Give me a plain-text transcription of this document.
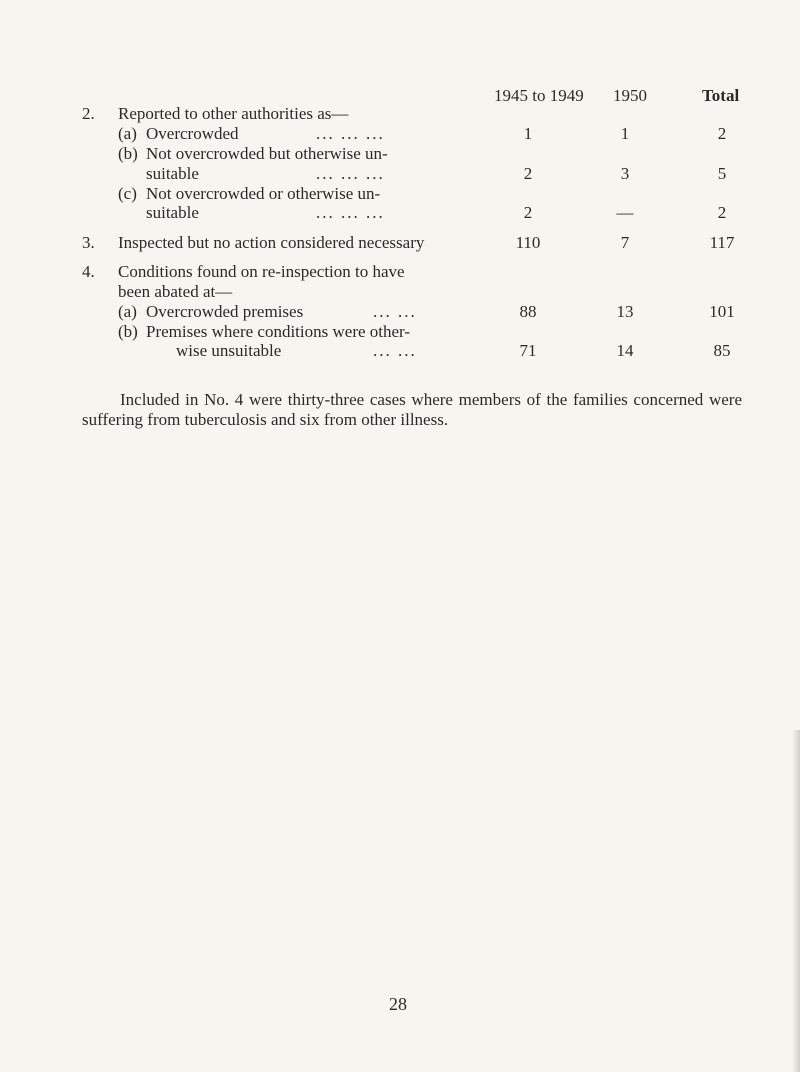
1945 to 1949 1950	Total
2. Reported to other authorities as—
(a) Overcrowded	... ... ...	1	1	2
(b) Not overcrowded but otherwise un-
suitable	... ... ...	2	3	5
(c) Not overcrowded or otherwise un-
suitable	... ... ...	2	—	2
3. Inspected but no action considered necessary	110	7	117
4. Conditions found on re-inspection to have
been abated at—
(a) Overcrowded premises	... ...	88	13	101
(b) Premises where conditions were other-
wise unsuitable	... ...	71	14	85
Included in No. 4 were thirty-three cases where members of the families concerned were suffering from tuberculosis and six from other illness.
28
